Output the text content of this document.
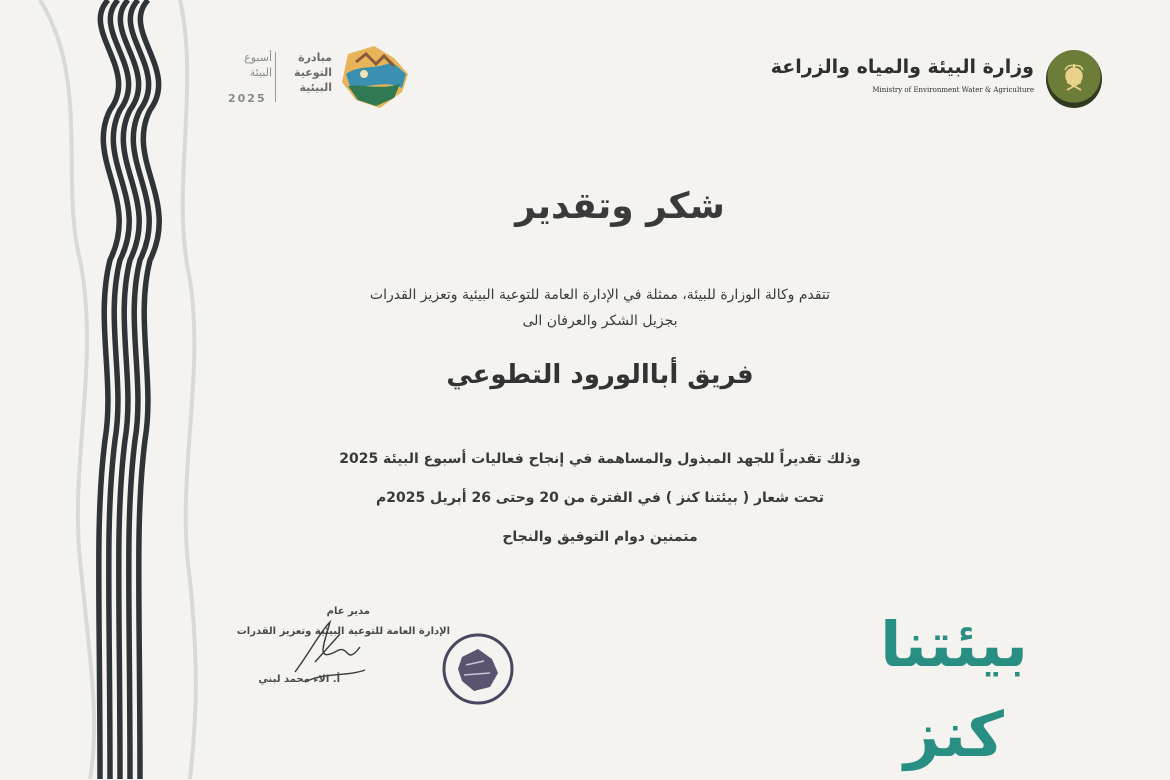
وزارة البيئة والمياه والزراعة
Ministry of Environment Water & Agriculture
مبادرة
التوعية
البيئية
أسبوع
البيئة
2025
شكر وتقدير
تتقدم وكالة الوزارة للبيئة، ممثلة في الإدارة العامة للتوعية البيئية وتعزيز القدرات
بجزيل الشكر والعرفان الى
فريق أباالورود التطوعي
وذلك تقديراً للجهد المبذول والمساهمة في إنجاح فعاليات أسبوع البيئة 2025
تحت شعار ( بيئتنا كنز ) في الفترة من 20 وحتى 26 أبريل 2025م
متمنين دوام التوفيق والنجاح
مدير عام
الإدارة العامة للتوعية البيئية وتعزيز القدرات
أ. الاء محمد لبني	بيئتنا كنز
